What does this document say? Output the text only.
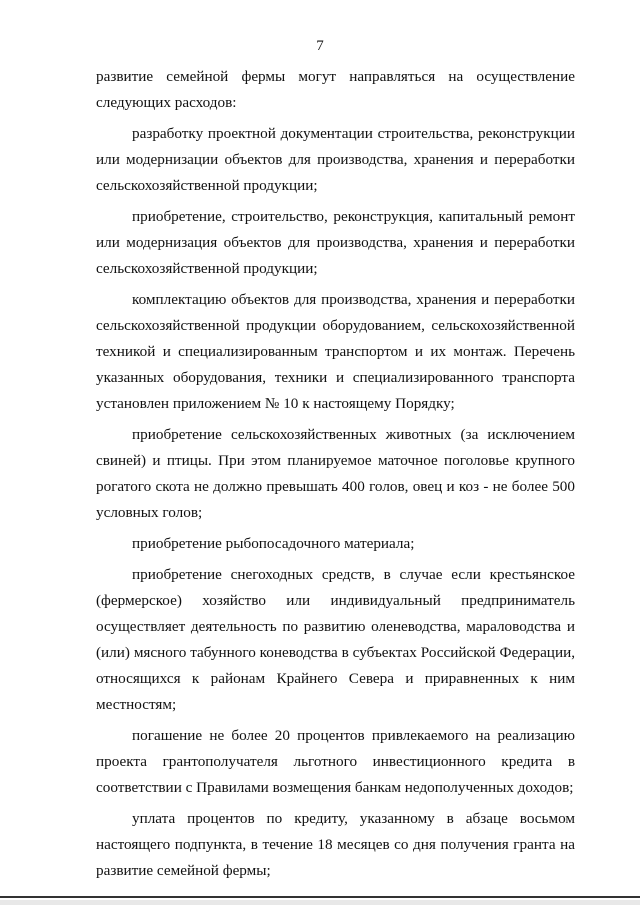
7

развитие семейной фермы могут направляться на осуществление следующих расходов:

разработку проектной документации строительства, реконструкции или модернизации объектов для производства, хранения и переработки сельскохозяйственной продукции;

приобретение, строительство, реконструкция, капитальный ремонт или модернизация объектов для производства, хранения и переработки сельскохозяйственной продукции;

комплектацию объектов для производства, хранения и переработки сельскохозяйственной продукции оборудованием, сельскохозяйственной техникой и специализированным транспортом и их монтаж. Перечень указанных оборудования, техники и специализированного транспорта установлен приложением № 10 к настоящему Порядку;

приобретение сельскохозяйственных животных (за исключением свиней) и птицы. При этом планируемое маточное поголовье крупного рогатого скота не должно превышать 400 голов, овец и коз - не более 500 условных голов;

приобретение рыбопосадочного материала;

приобретение снегоходных средств, в случае если крестьянское (фермерское) хозяйство или индивидуальный предприниматель осуществляет деятельность по развитию оленеводства, мараловодства и (или) мясного табунного коневодства в субъектах Российской Федерации, относящихся к районам Крайнего Севера и приравненных к ним местностям;

погашение не более 20 процентов привлекаемого на реализацию проекта грантополучателя льготного инвестиционного кредита в соответствии с Правилами возмещения банкам недополученных доходов;

уплата процентов по кредиту, указанному в абзаце восьмом настоящего подпункта, в течение 18 месяцев со дня получения гранта на развитие семейной фермы;
